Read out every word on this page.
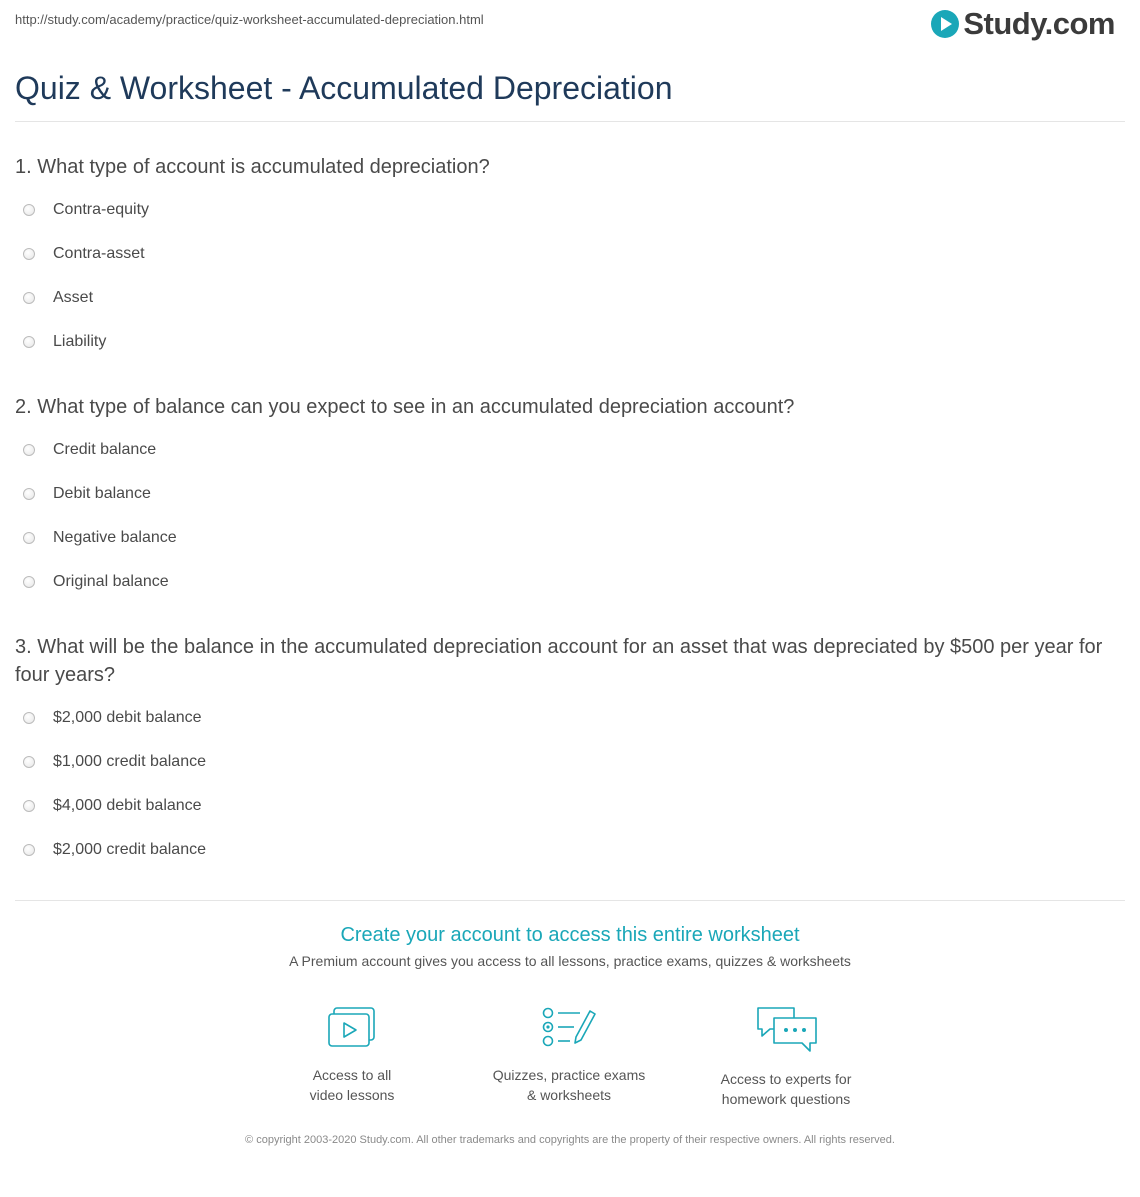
http://study.com/academy/practice/quiz-worksheet-accumulated-depreciation.html	Study.com
Quiz & Worksheet - Accumulated Depreciation

1. What type of account is accumulated depreciation?

Contra-equity
Contra-asset
Asset
Liability

2. What type of balance can you expect to see in an accumulated depreciation account?

Credit balance
Debit balance
Negative balance
Original balance

3. What will be the balance in the accumulated depreciation account for an asset that was depreciated by $500 per year for four years?

$2,000 debit balance
$1,000 credit balance
$4,000 debit balance
$2,000 credit balance

Create your account to access this entire worksheet

A Premium account gives you access to all lessons, practice exams, quizzes & worksheets
Access to all
video lessons
Quizzes, practice exams
& worksheets
Access to experts for
homework questions
© copyright 2003-2020 Study.com. All other trademarks and copyrights are the property of their respective owners. All rights reserved.
